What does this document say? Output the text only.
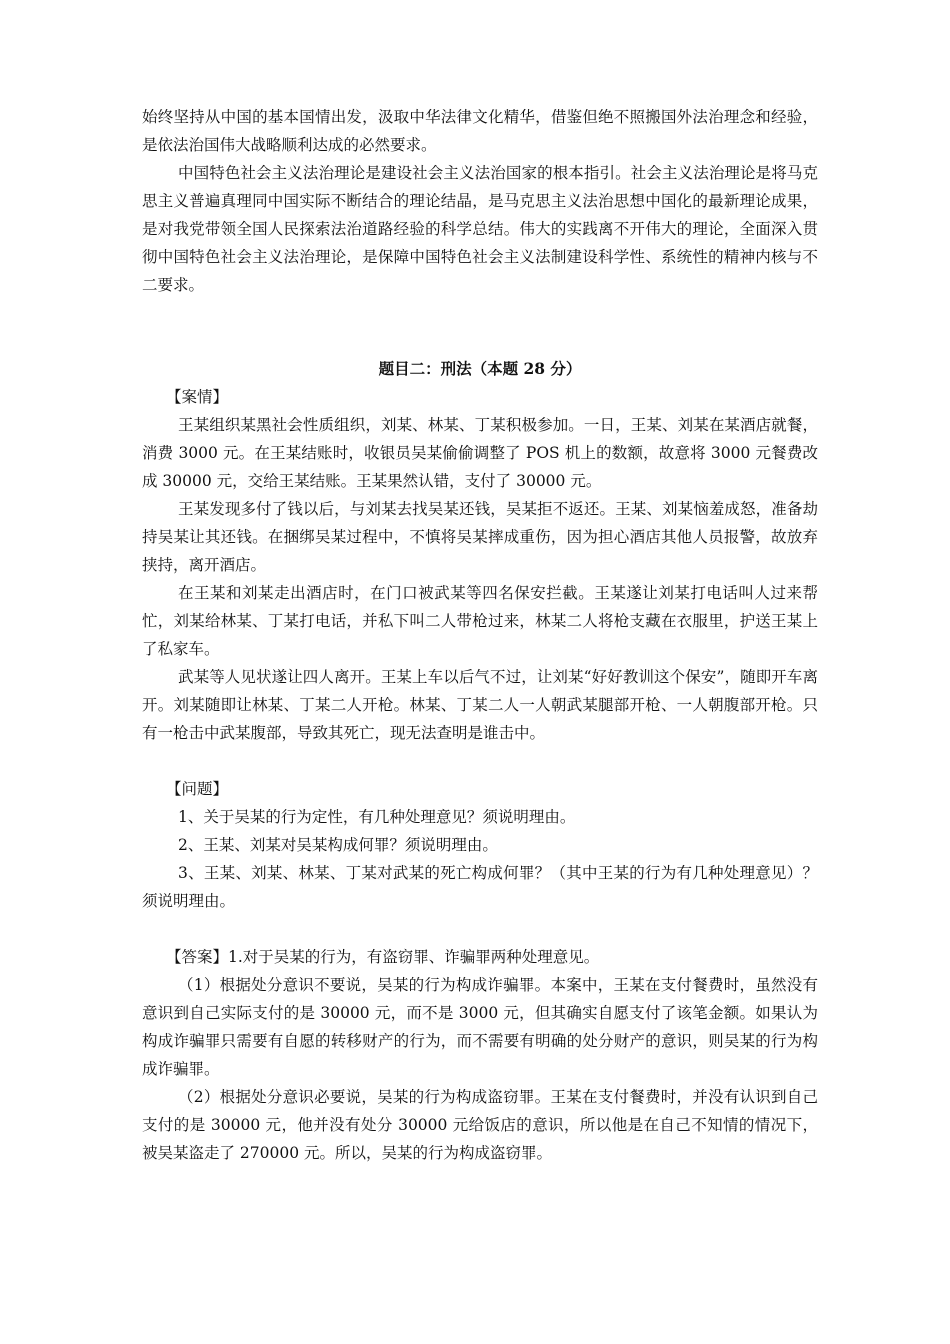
始终坚持从中国的基本国情出发，汲取中华法律文化精华，借鉴但绝不照搬国外法治理念和经验，是依法治国伟大战略顺利达成的必然要求。

中国特色社会主义法治理论是建设社会主义法治国家的根本指引。社会主义法治理论是将马克思主义普遍真理同中国实际不断结合的理论结晶，是马克思主义法治思想中国化的最新理论成果，是对我党带领全国人民探索法治道路经验的科学总结。伟大的实践离不开伟大的理论，全面深入贯彻中国特色社会主义法治理论，是保障中国特色社会主义法制建设科学性、系统性的精神内核与不二要求。

题目二：刑法（本题 28 分）

【案情】

王某组织某黑社会性质组织，刘某、林某、丁某积极参加。一日，王某、刘某在某酒店就餐，消费 3000 元。在王某结账时，收银员吴某偷偷调整了 POS 机上的数额，故意将 3000 元餐费改成 30000 元，交给王某结账。王某果然认错，支付了 30000 元。

王某发现多付了钱以后，与刘某去找吴某还钱，吴某拒不返还。王某、刘某恼羞成怒，准备劫持吴某让其还钱。在捆绑吴某过程中，不慎将吴某摔成重伤，因为担心酒店其他人员报警，故放弃挟持，离开酒店。

在王某和刘某走出酒店时，在门口被武某等四名保安拦截。王某遂让刘某打电话叫人过来帮忙，刘某给林某、丁某打电话，并私下叫二人带枪过来，林某二人将枪支藏在衣服里，护送王某上了私家车。

武某等人见状遂让四人离开。王某上车以后气不过，让刘某“好好教训这个保安”，随即开车离开。刘某随即让林某、丁某二人开枪。林某、丁某二人一人朝武某腿部开枪、一人朝腹部开枪。只有一枪击中武某腹部，导致其死亡，现无法查明是谁击中。

【问题】

1、关于吴某的行为定性，有几种处理意见？须说明理由。

2、王某、刘某对吴某构成何罪？须说明理由。

3、王某、刘某、林某、丁某对武某的死亡构成何罪？（其中王某的行为有几种处理意见）？须说明理由。

【答案】1.对于吴某的行为，有盗窃罪、诈骗罪两种处理意见。

（1）根据处分意识不要说，吴某的行为构成诈骗罪。本案中，王某在支付餐费时，虽然没有意识到自己实际支付的是 30000 元，而不是 3000 元，但其确实自愿支付了该笔金额。如果认为构成诈骗罪只需要有自愿的转移财产的行为，而不需要有明确的处分财产的意识，则吴某的行为构成诈骗罪。

（2）根据处分意识必要说，吴某的行为构成盗窃罪。王某在支付餐费时，并没有认识到自己支付的是 30000 元，他并没有处分 30000 元给饭店的意识，所以他是在自己不知情的情况下，被吴某盗走了 270000 元。所以，吴某的行为构成盗窃罪。
